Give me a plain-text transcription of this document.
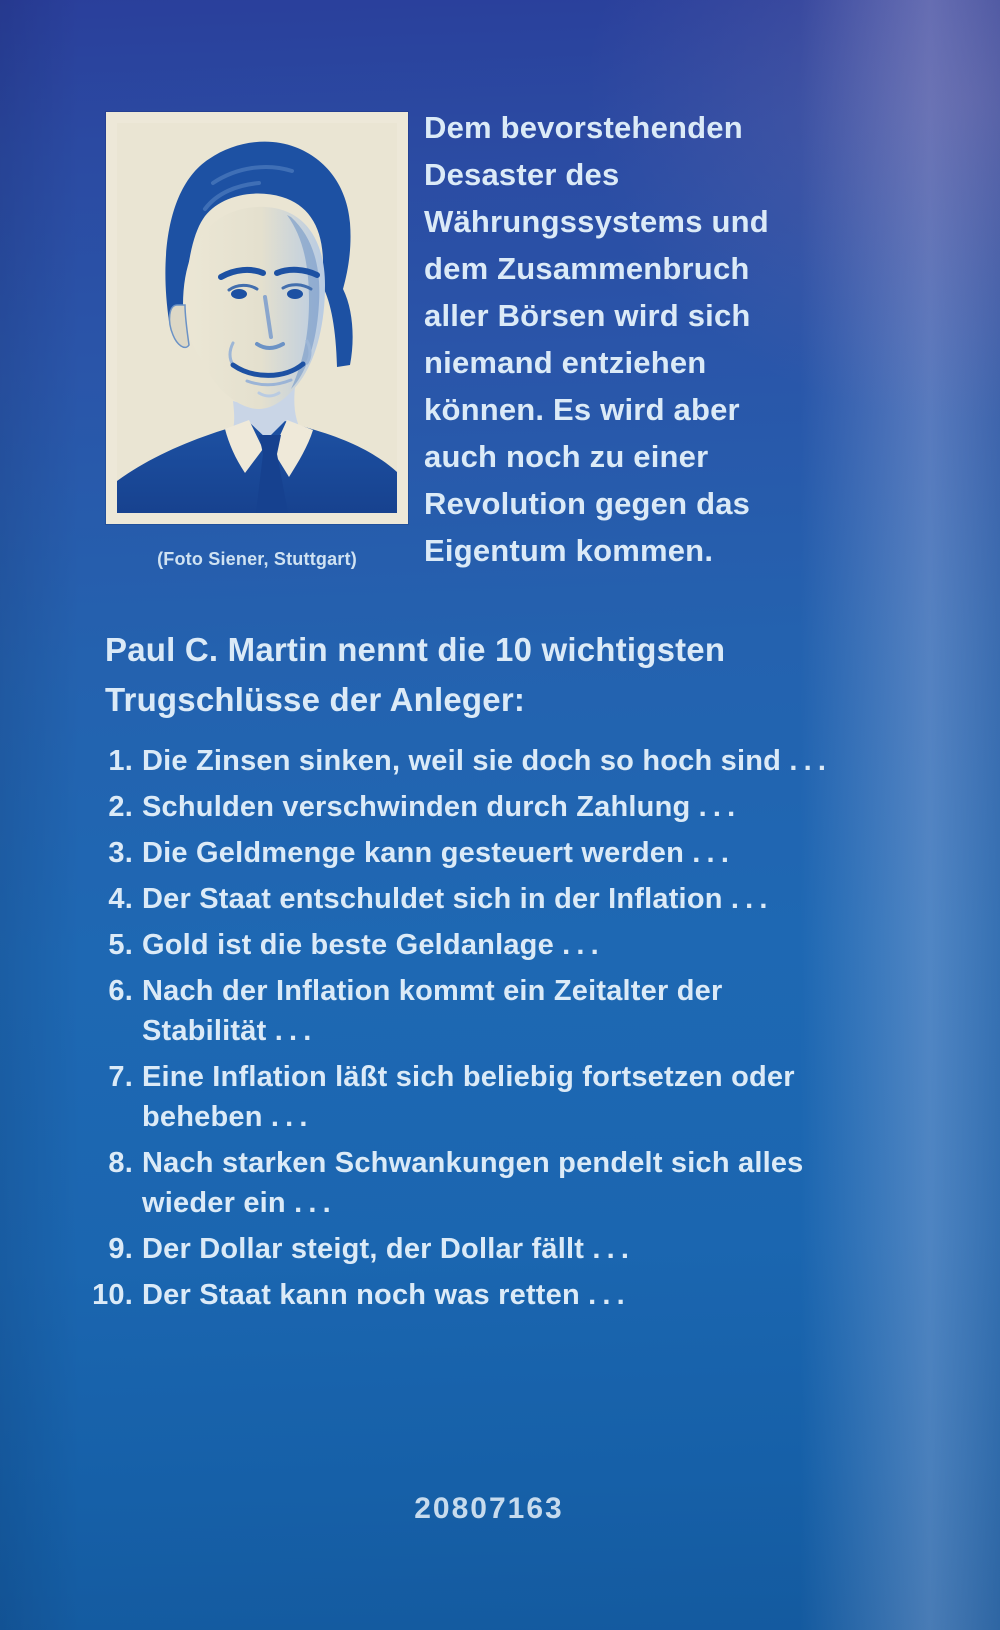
(Foto Siener, Stuttgart)
Dem bevorstehenden
Desaster des
Währungssystems und
dem Zusammenbruch
aller Börsen wird sich
niemand entziehen
können. Es wird aber
auch noch zu einer
Revolution gegen das
Eigentum kommen.
Paul C. Martin nennt die 10 wichtigsten
Trugschlüsse der Anleger:
1. Die Zinsen sinken, weil sie doch so hoch sind . . .
2. Schulden verschwinden durch Zahlung . . .
3. Die Geldmenge kann gesteuert werden . . .
4. Der Staat entschuldet sich in der Inflation . . .
5. Gold ist die beste Geldanlage . . .
6. Nach der Inflation kommt ein Zeitalter der
Stabilität . . .
7. Eine Inflation läßt sich beliebig fortsetzen oder
beheben . . .
8. Nach starken Schwankungen pendelt sich alles
wieder ein . . .
9. Der Dollar steigt, der Dollar fällt . . .
10. Der Staat kann noch was retten . . .
20807163
